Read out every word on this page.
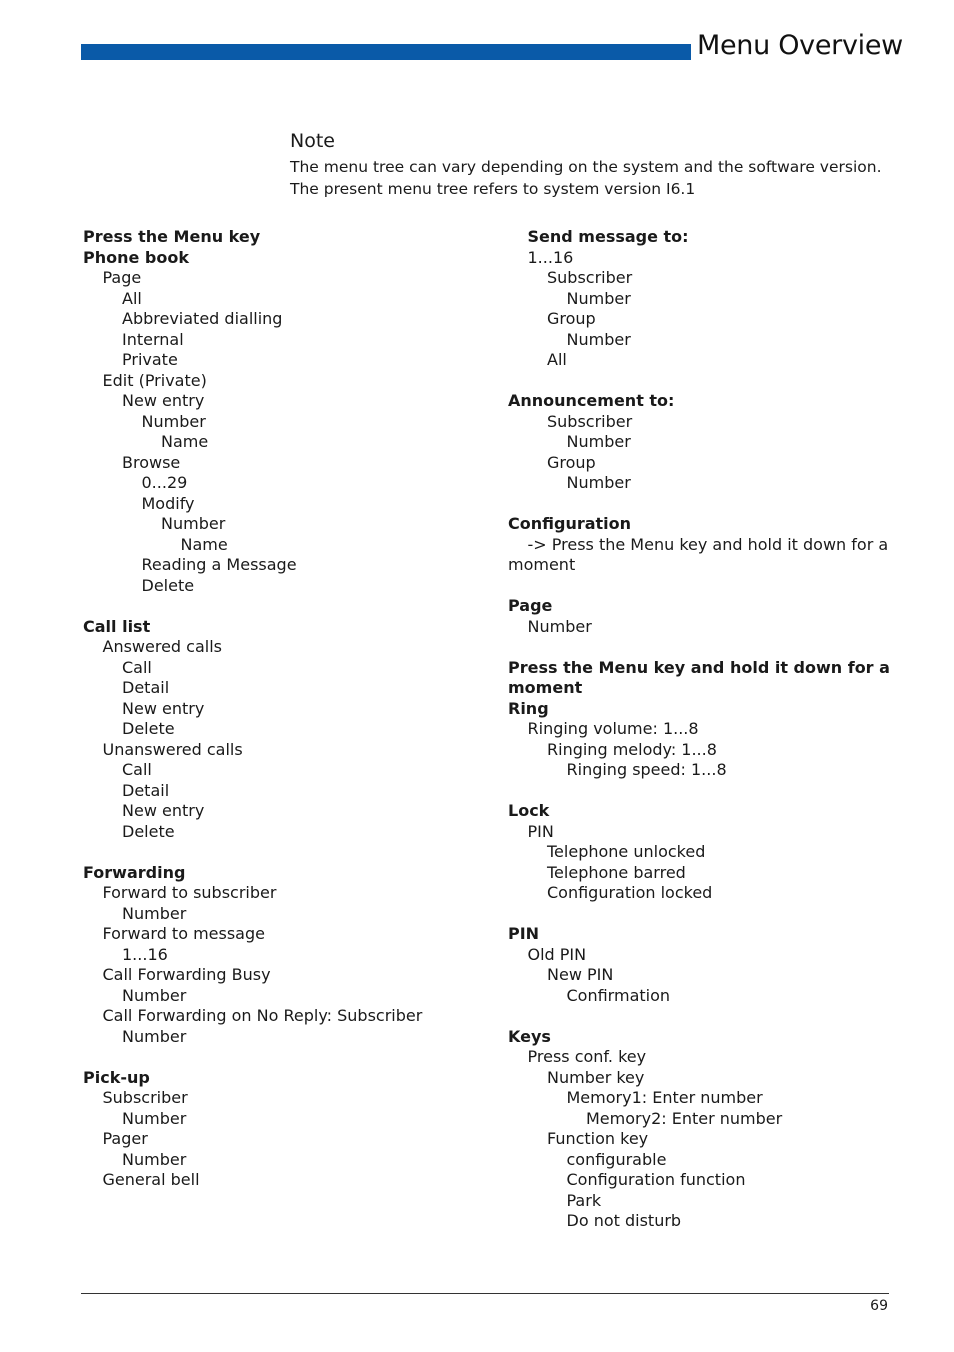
Menu Overview
Note
The menu tree can vary depending on the system and the software version.
The present menu tree refers to system version I6.1
Press the Menu key
Phone book
Page
All
Abbreviated dialling
Internal
Private
Edit (Private)
New entry
Number
Name
Browse
0...29
Modify
Number
Name
Reading a Message
Delete
Call list
Answered calls
Call
Detail
New entry
Delete
Unanswered calls
Call
Detail
New entry
Delete
Forwarding
Forward to subscriber
Number
Forward to message
1...16
Call Forwarding Busy
Number
Call Forwarding on No Reply: Subscriber
Number
Pick-up
Subscriber
Number
Pager
Number
General bell
Send message to:
1...16
Subscriber
Number
Group
Number
All
Announcement to:
Subscriber
Number
Group
Number
Configuration
-> Press the Menu key and hold it down for a moment
Page
Number
Press the Menu key and hold it down for a moment
Ring
Ringing volume: 1...8
Ringing melody: 1...8
Ringing speed: 1...8
Lock
PIN
Telephone unlocked
Telephone barred
Configuration locked
PIN
Old PIN
New PIN
Confirmation
Keys
Press conf. key
Number key
Memory1: Enter number
Memory2: Enter number
Function key
configurable
Configuration function
Park
Do not disturb
69
